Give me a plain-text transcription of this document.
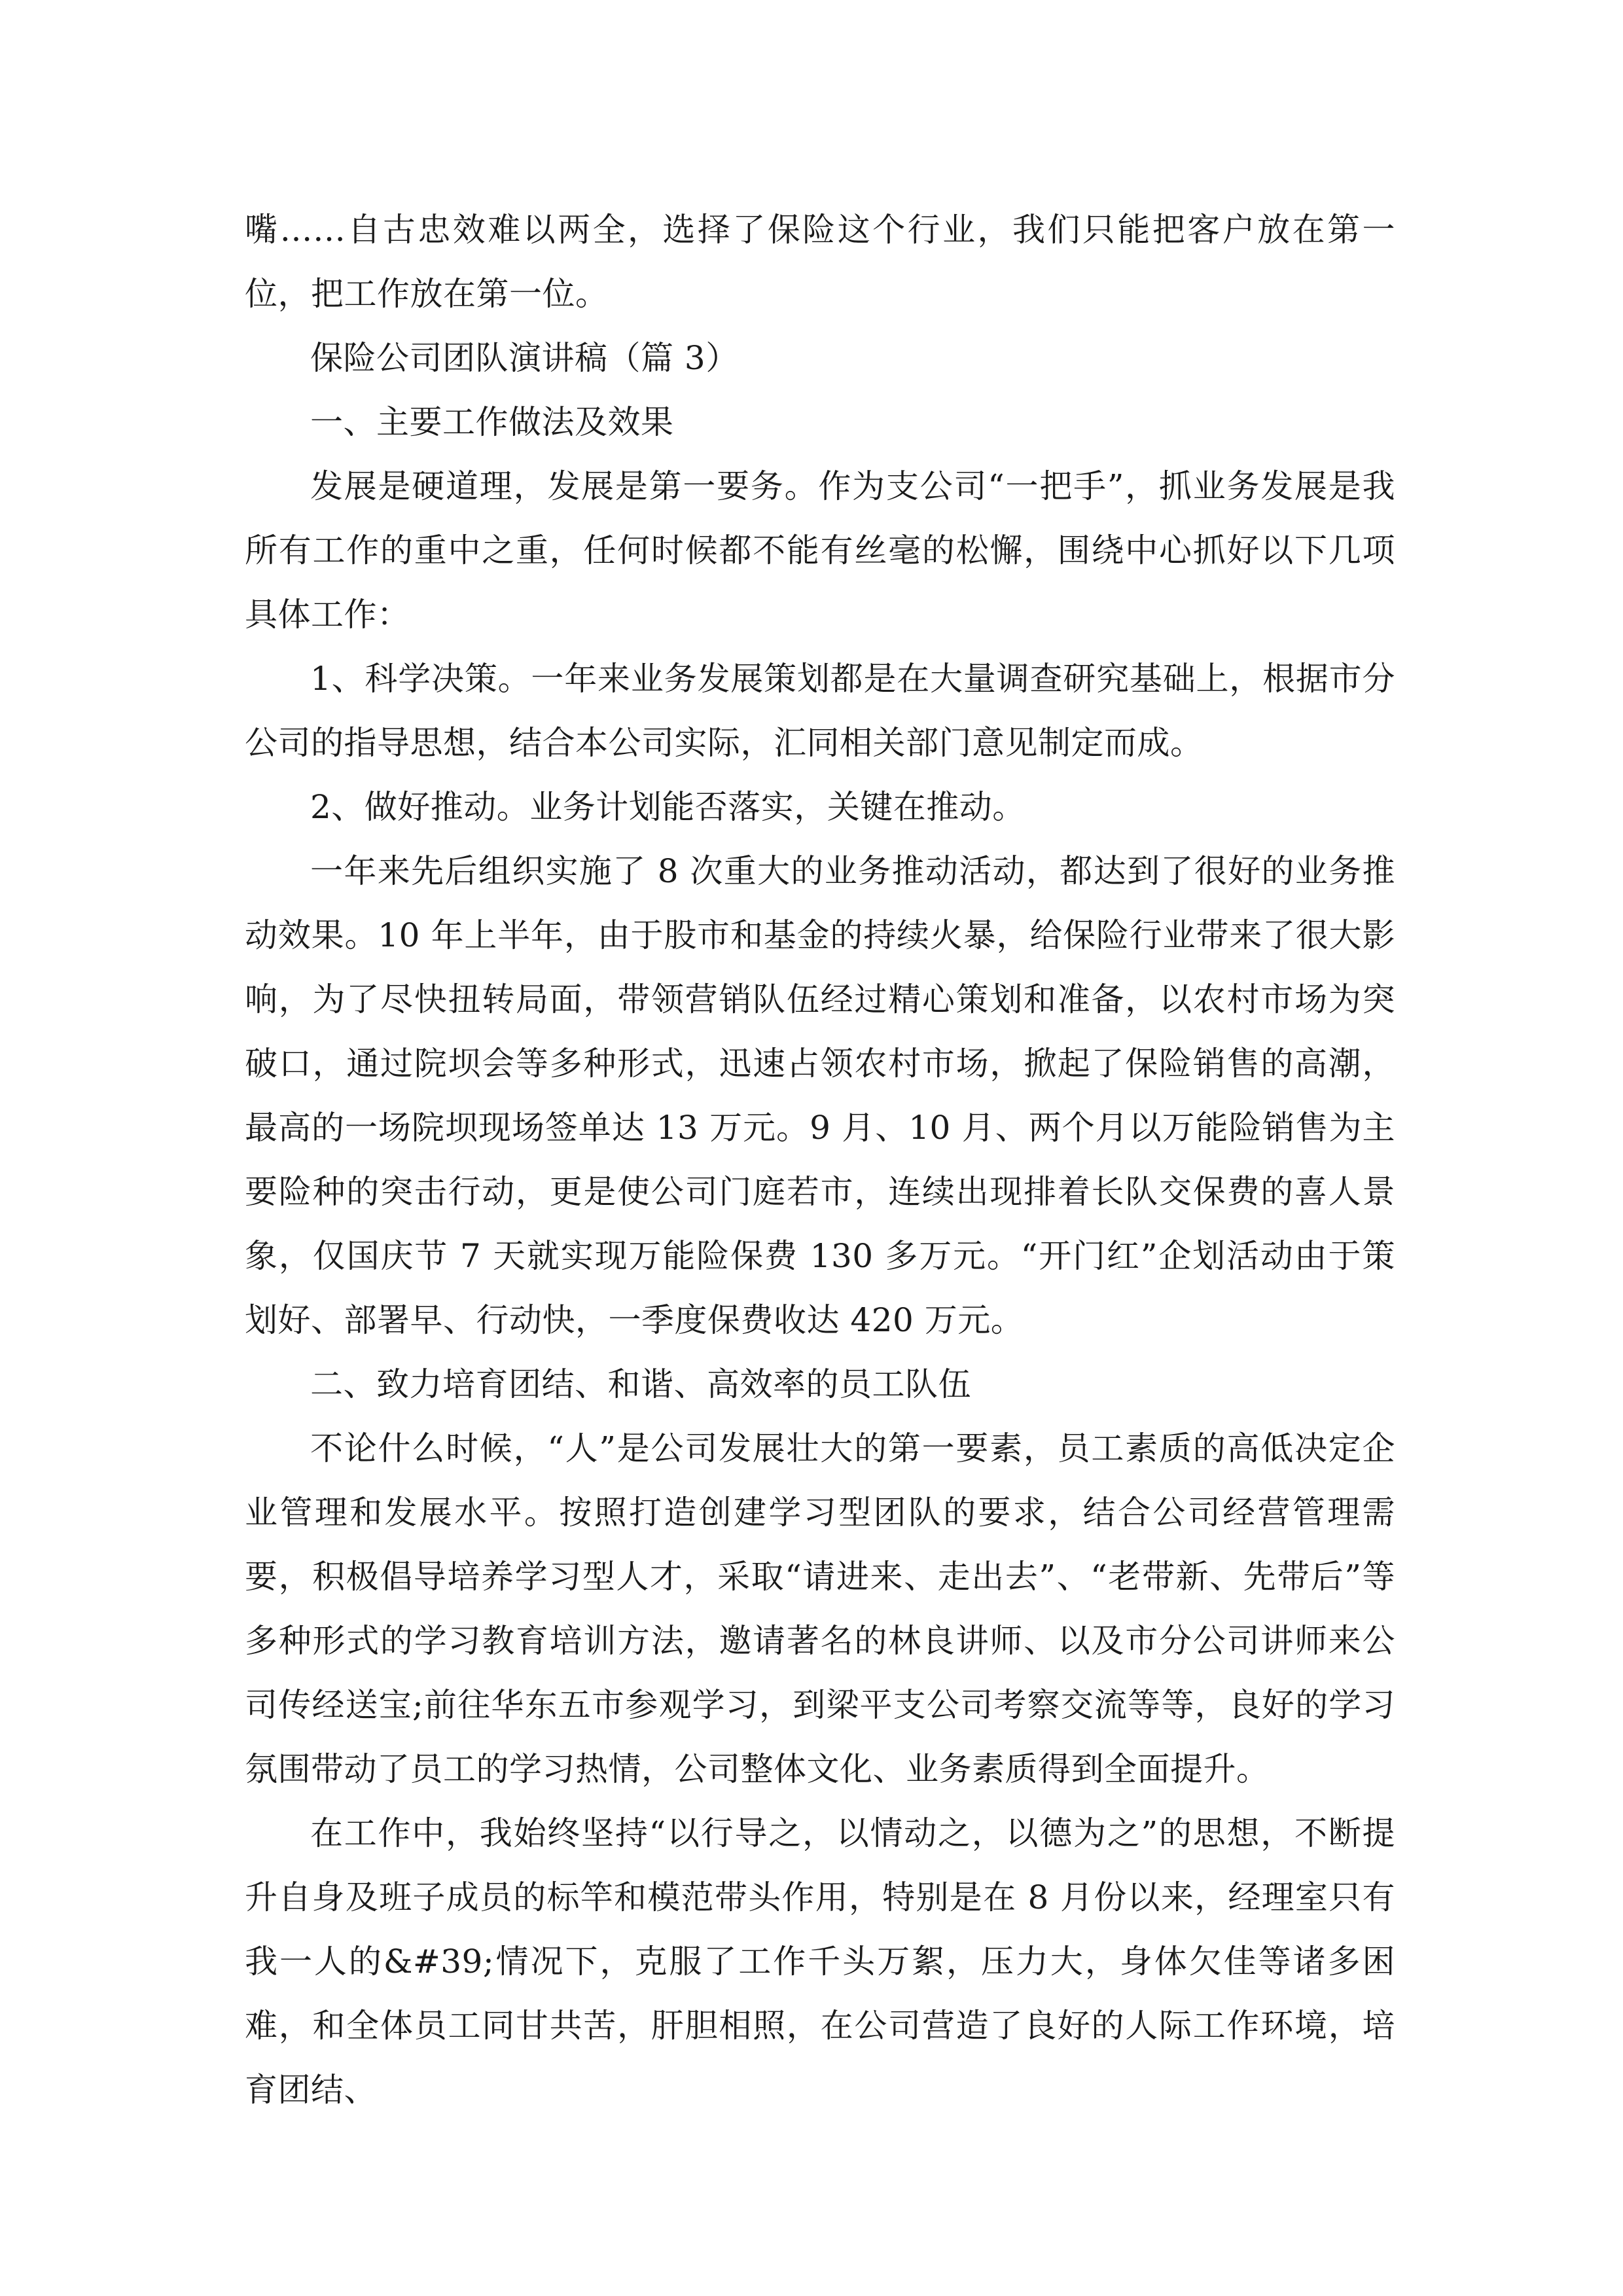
嘴……自古忠效难以两全，选择了保险这个行业，我们只能把客户放在第一位，把工作放在第一位。

保险公司团队演讲稿（篇 3）

一、主要工作做法及效果

发展是硬道理，发展是第一要务。作为支公司“一把手”，抓业务发展是我所有工作的重中之重，任何时候都不能有丝毫的松懈，围绕中心抓好以下几项具体工作：

1、科学决策。一年来业务发展策划都是在大量调查研究基础上，根据市分公司的指导思想，结合本公司实际，汇同相关部门意见制定而成。

2、做好推动。业务计划能否落实，关键在推动。

一年来先后组织实施了 8 次重大的业务推动活动，都达到了很好的业务推动效果。10 年上半年，由于股市和基金的持续火暴，给保险行业带来了很大影响，为了尽快扭转局面，带领营销队伍经过精心策划和准备，以农村市场为突破口，通过院坝会等多种形式，迅速占领农村市场，掀起了保险销售的高潮，最高的一场院坝现场签单达 13 万元。9 月、10 月、两个月以万能险销售为主要险种的突击行动，更是使公司门庭若市，连续出现排着长队交保费的喜人景象，仅国庆节 7 天就实现万能险保费 130 多万元。“开门红”企划活动由于策划好、部署早、行动快，一季度保费收达 420 万元。

二、致力培育团结、和谐、高效率的员工队伍

不论什么时候，“人”是公司发展壮大的第一要素，员工素质的高低决定企业管理和发展水平。按照打造创建学习型团队的要求，结合公司经营管理需要，积极倡导培养学习型人才，采取“请进来、走出去”、“老带新、先带后”等多种形式的学习教育培训方法，邀请著名的林良讲师、以及市分公司讲师来公司传经送宝;前往华东五市参观学习，到梁平支公司考察交流等等，良好的学习氛围带动了员工的学习热情，公司整体文化、业务素质得到全面提升。

在工作中，我始终坚持“以行导之，以情动之，以德为之”的思想，不断提升自身及班子成员的标竿和模范带头作用，特别是在 8 月份以来，经理室只有我一人的&#39;情况下，克服了工作千头万絮，压力大，身体欠佳等诸多困难，和全体员工同甘共苦，肝胆相照，在公司营造了良好的人际工作环境，培育团结、
